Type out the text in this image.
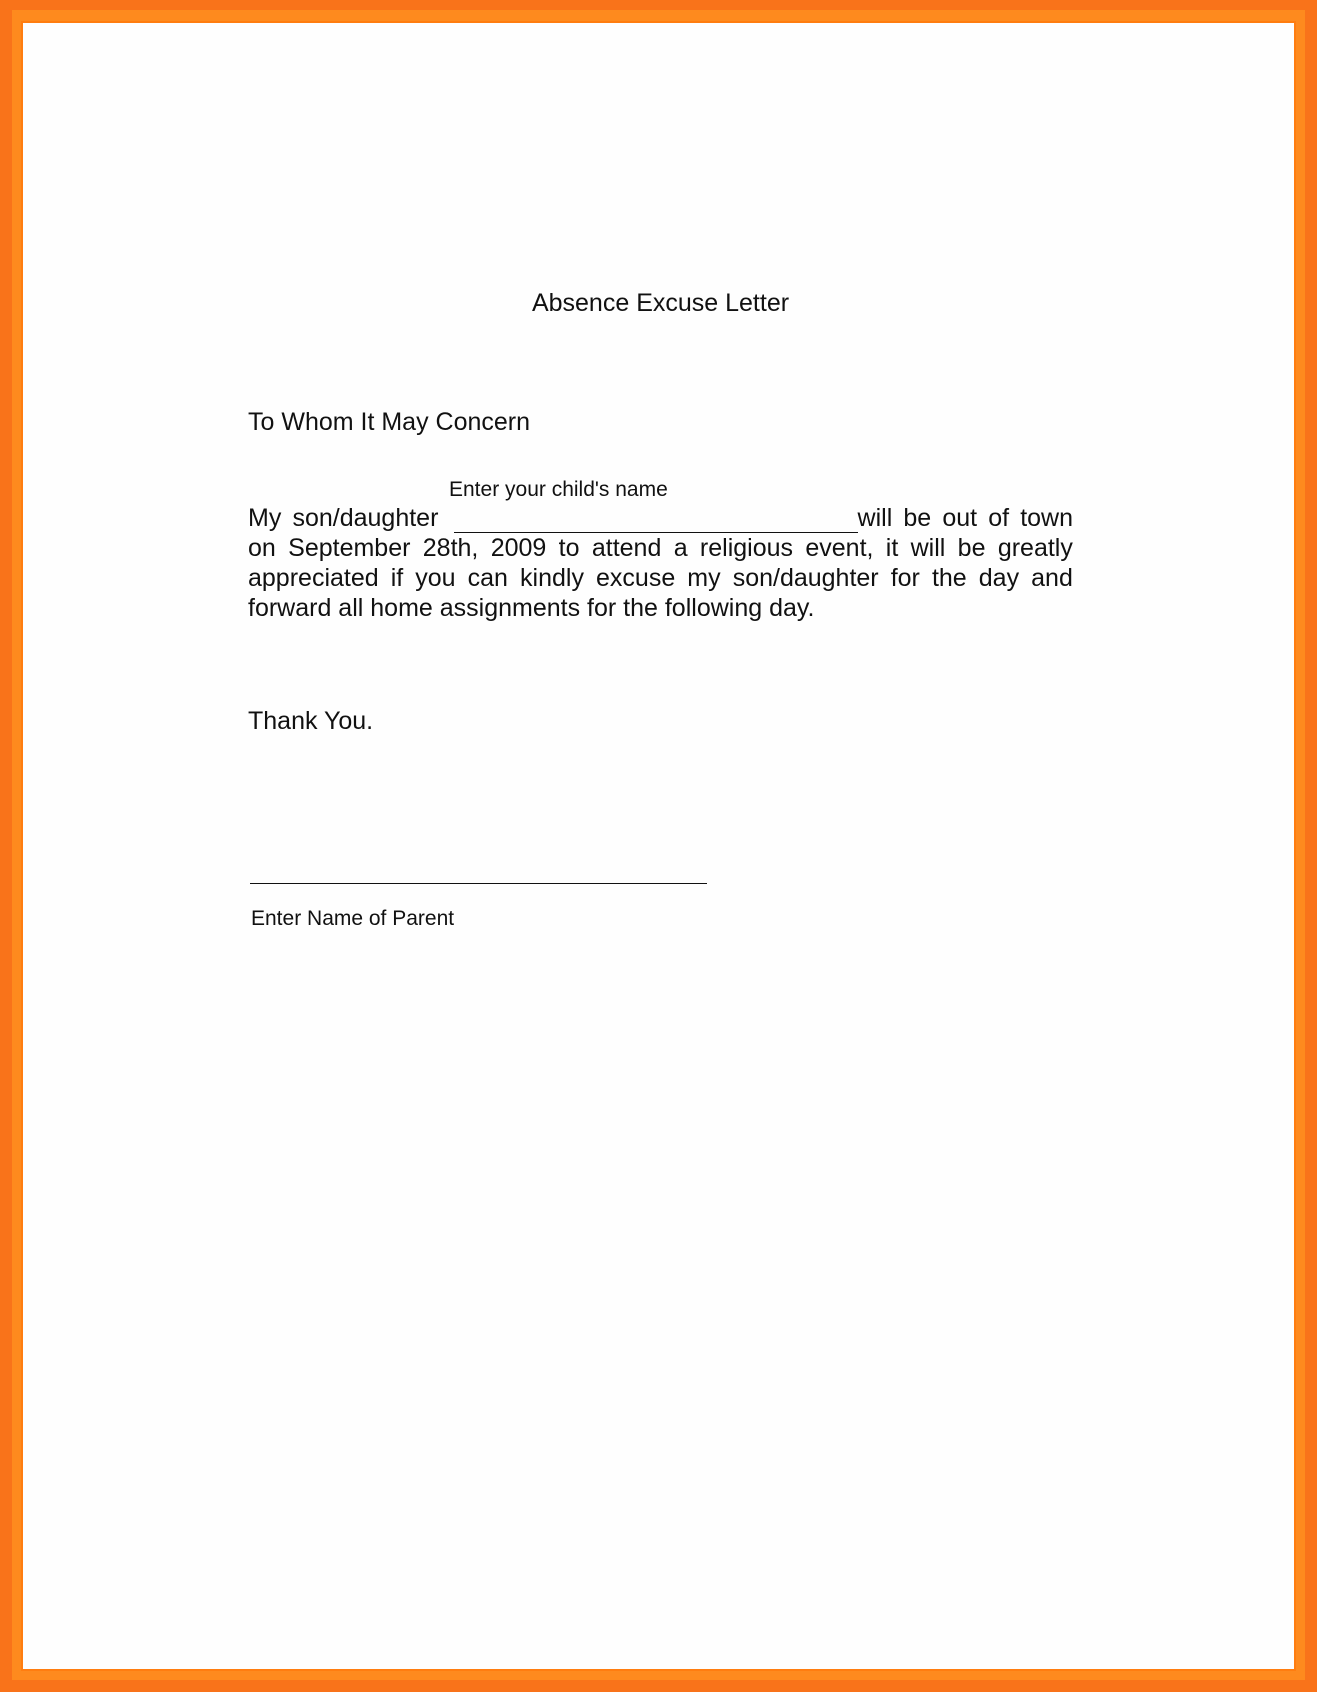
Absence Excuse Letter
To Whom It May Concern
Enter your child's name
My son/daughter	will be out of town
on September 28th, 2009 to attend a religious event, it will be greatly
appreciated if you can kindly excuse my son/daughter for the day and
forward all home assignments for the following day.
Thank You.
Enter Name of Parent
